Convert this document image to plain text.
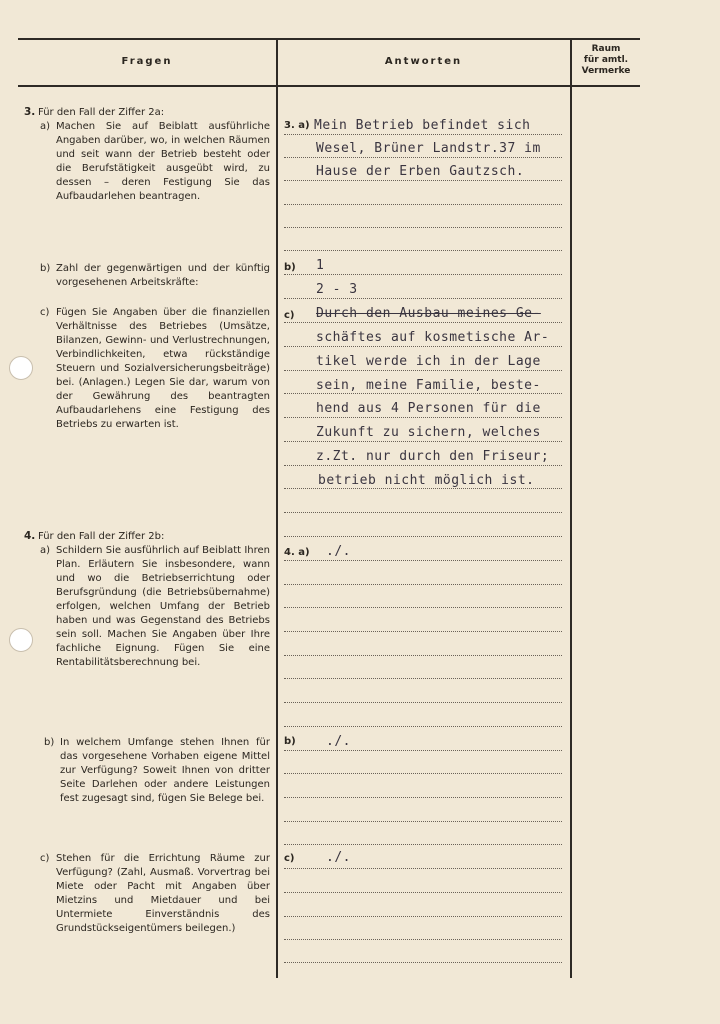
Fragen	Antworten
Raum
für amtl.
Vermerke
3. Für den Fall der Ziffer 2a:
a) Machen Sie auf Beiblatt ausführliche Angaben darüber, wo, in welchen Räumen und seit wann der Betrieb besteht oder die Berufstätigkeit ausgeübt wird, zu dessen – deren Festigung Sie das Aufbaudarlehen beantragen.
b) Zahl der gegenwärtigen und der künftig vorgesehenen Arbeitskräfte:
c) Fügen Sie Angaben über die finanziellen Verhältnisse des Betriebes (Umsätze, Bilanzen, Gewinn- und Verlustrechnungen, Verbindlichkeiten, etwa rückständige Steuern und Sozialversicherungsbeiträge) bei. (Anlagen.) Legen Sie dar, warum von der Gewährung des beantragten Aufbaudarlehens eine Festigung des Betriebs zu erwarten ist.
4. Für den Fall der Ziffer 2b:
a) Schildern Sie ausführlich auf Beiblatt Ihren Plan. Erläutern Sie insbesondere, wann und wo die Betriebserrichtung oder Berufsgründung (die Betriebsübernahme) erfolgen, welchen Umfang der Betrieb haben und was Gegenstand des Betriebs sein soll. Machen Sie Angaben über Ihre fachliche Eignung. Fügen Sie eine Rentabilitätsberechnung bei.
b) In welchem Umfange stehen Ihnen für das vorgesehene Vorhaben eigene Mittel zur Verfügung? Soweit Ihnen von dritter Seite Darlehen oder andere Leistungen fest zugesagt sind, fügen Sie Belege bei.
c) Stehen für die Errichtung Räume zur Verfügung? (Zahl, Ausmaß. Vorvertrag bei Miete oder Pacht mit Angaben über Mietzins und Mietdauer und bei Untermiete Einverständnis des Grundstückseigentümers beilegen.)
3. a) Mein Betrieb befindet sich
Wesel, Brüner Landstr.37 im
Hause der Erben Gautzsch.
b) 1
2 - 3
c) Durch den Ausbau meines Ge-
schäftes auf kosmetische Ar-
tikel werde ich in der Lage
sein, meine Familie, beste-
hend aus 4 Personen für die
Zukunft zu sichern, welches
z.Zt. nur durch den Friseur;
betrieb nicht möglich ist.
4. a) ./.
b) ./.
c) ./.
